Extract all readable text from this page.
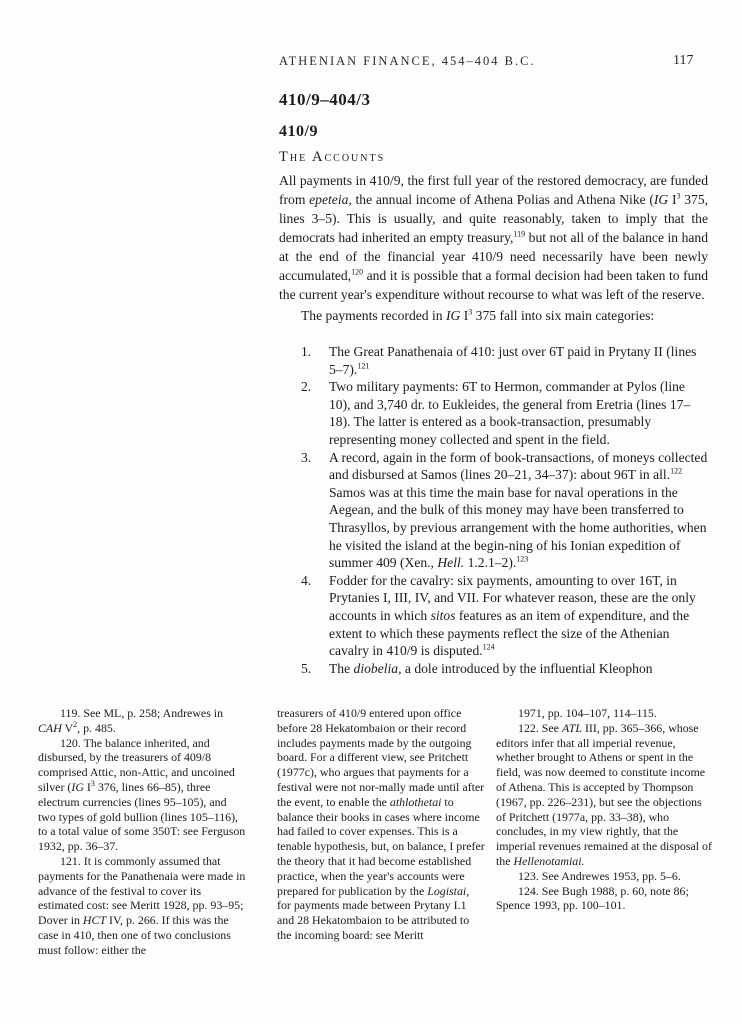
ATHENIAN FINANCE, 454–404 B.C.	117
410/9–404/3
410/9
The Accounts

All payments in 410/9, the first full year of the restored democracy, are funded from epeteia, the annual income of Athena Polias and Athena Nike (IG $I^3$ 375, lines 3–5). This is usually, and quite reasonably, taken to imply that the democrats had inherited an empty treasury,$^{119}$ but not all of the balance in hand at the end of the financial year 410/9 need necessarily have been newly accumulated,$^{120}$ and it is possible that a formal decision had been taken to fund the current year's expenditure without recourse to what was left of the reserve.

The payments recorded in IG $I^3$ 375 fall into six main categories:

1.	The Great Panathenaia of 410: just over 6T paid in Prytany II (lines 5–7).$^{121}$
2.	Two military payments: 6T to Hermon, commander at Pylos (line 10), and 3,740 dr. to Eukleides, the general from Eretria (lines 17–18). The latter is entered as a book-transaction, presumably representing money collected and spent in the field.
3.	A record, again in the form of book-transactions, of moneys collected and disbursed at Samos (lines 20–21, 34–37): about 96T in all.$^{122}$ Samos was at this time the main base for naval operations in the Aegean, and the bulk of this money may have been transferred to Thrasyllos, by previous arrangement with the home authorities, when he visited the island at the begin-ning of his Ionian expedition of summer 409 (Xen., Hell. 1.2.1–2).$^{123}$
4.	Fodder for the cavalry: six payments, amounting to over 16T, in Prytanies I, III, IV, and VII. For whatever reason, these are the only accounts in which sitos features as an item of expenditure, and the extent to which these payments reflect the size of the Athenian cavalry in 410/9 is disputed.$^{124}$
5.	The diobelia, a dole introduced by the influential Kleophon

119. See ML, p. 258; Andrewes in CAH $V^2$, p. 485.

120. The balance inherited, and disbursed, by the treasurers of 409/8 comprised Attic, non-Attic, and uncoined silver (IG $I^3$ 376, lines 66–85), three electrum currencies (lines 95–105), and two types of gold bullion (lines 105–116), to a total value of some 350T: see Ferguson 1932, pp. 36–37.

121. It is commonly assumed that payments for the Panathenaia were made in advance of the festival to cover its estimated cost: see Meritt 1928, pp. 93–95; Dover in HCT IV, p. 266. If this was the case in 410, then one of two conclusions must follow: either the

treasurers of 410/9 entered upon office before 28 Hekatombaion or their record includes payments made by the outgoing board. For a different view, see Pritchett (1977c), who argues that payments for a festival were not nor-mally made until after the event, to enable the athlothetai to balance their books in cases where income had failed to cover expenses. This is a tenable hypothesis, but, on balance, I prefer the theory that it had become established practice, when the year's accounts were prepared for publication by the Logistai, for payments made between Prytany I.1 and 28 Hekatombaion to be attributed to the incoming board: see Meritt

1971, pp. 104–107, 114–115.

122. See ATL III, pp. 365–366, whose editors infer that all imperial revenue, whether brought to Athens or spent in the field, was now deemed to constitute income of Athena. This is accepted by Thompson (1967, pp. 226–231), but see the objections of Pritchett (1977a, pp. 33–38), who concludes, in my view rightly, that the imperial revenues remained at the disposal of the Hellenotamiai.

123. See Andrewes 1953, pp. 5–6.

124. See Bugh 1988, p. 60, note 86; Spence 1993, pp. 100–101.
